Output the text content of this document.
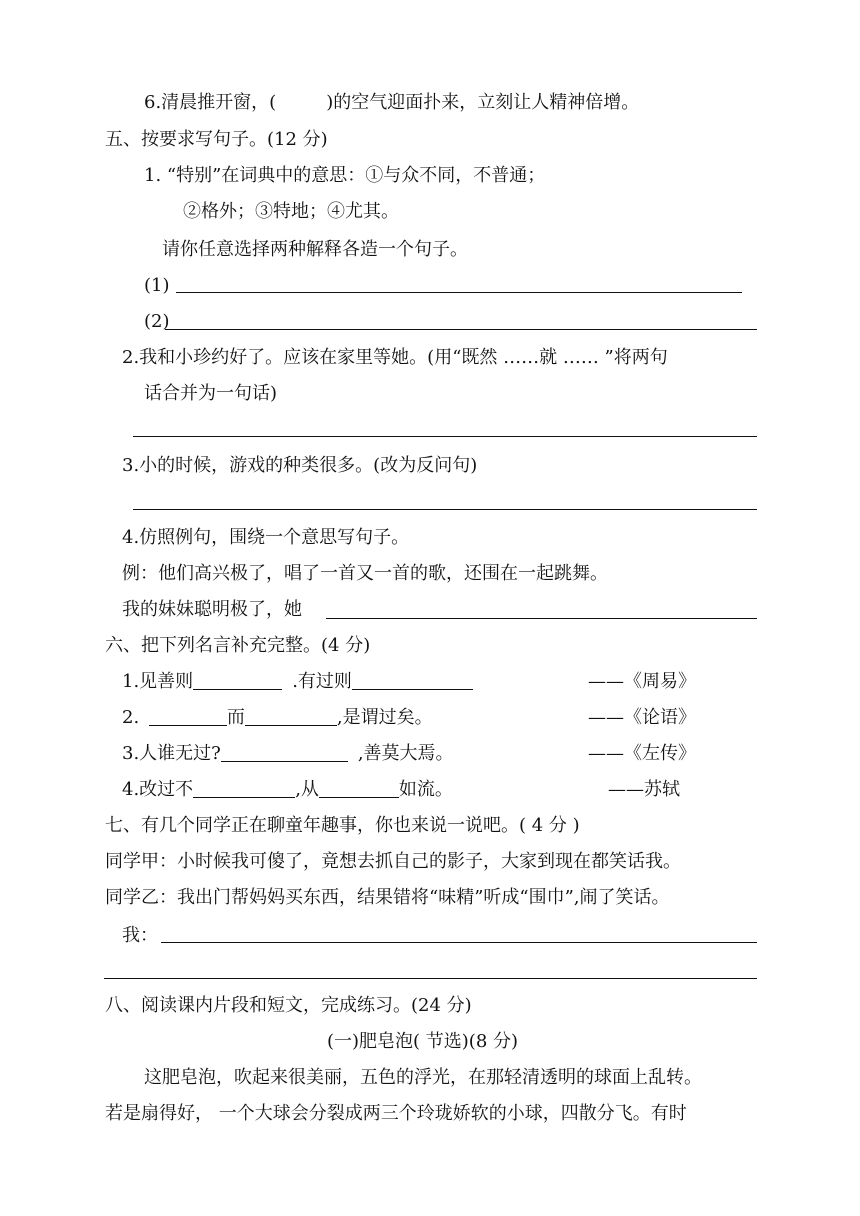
6.清晨推开窗，(	)的空气迎面扑来，立刻让人精神倍增。
五、按要求写句子。(12 分)
1. “特别”在词典中的意思：①与众不同，不普通；
②格外；③特地；④尤其。
请你任意选择两种解释各造一个句子。
(1)
(2)
2.我和小珍约好了。应该在家里等她。(用“既然 ……就 …… ”将两句
话合并为一句话)
3.小的时候，游戏的种类很多。(改为反问句)
4.仿照例句，围绕一个意思写句子。
例：他们高兴极了，唱了一首又一首的歌，还围在一起跳舞。
我的妹妹聪明极了，她
六、把下列名言补充完整。(4 分)
1.见善则	.有过则	——《周易》
2.	而	,是谓过矣。	——《论语》
3.人谁无过?	,善莫大焉。	——《左传》
4.改过不	,从	如流。	——苏轼
七、有几个同学正在聊童年趣事，你也来说一说吧。( 4 分 )
同学甲：小时候我可傻了，竟想去抓自己的影子，大家到现在都笑话我。
同学乙：我出门帮妈妈买东西，结果错将“味精”听成“围巾”,闹了笑话。
我：
八、阅读课内片段和短文，完成练习。(24 分)
(一)肥皂泡( 节选)(8 分)
这肥皂泡，吹起来很美丽，五色的浮光，在那轻清透明的球面上乱转。
若是扇得好， 一个大球会分裂成两三个玲珑娇软的小球，四散分飞。有时
